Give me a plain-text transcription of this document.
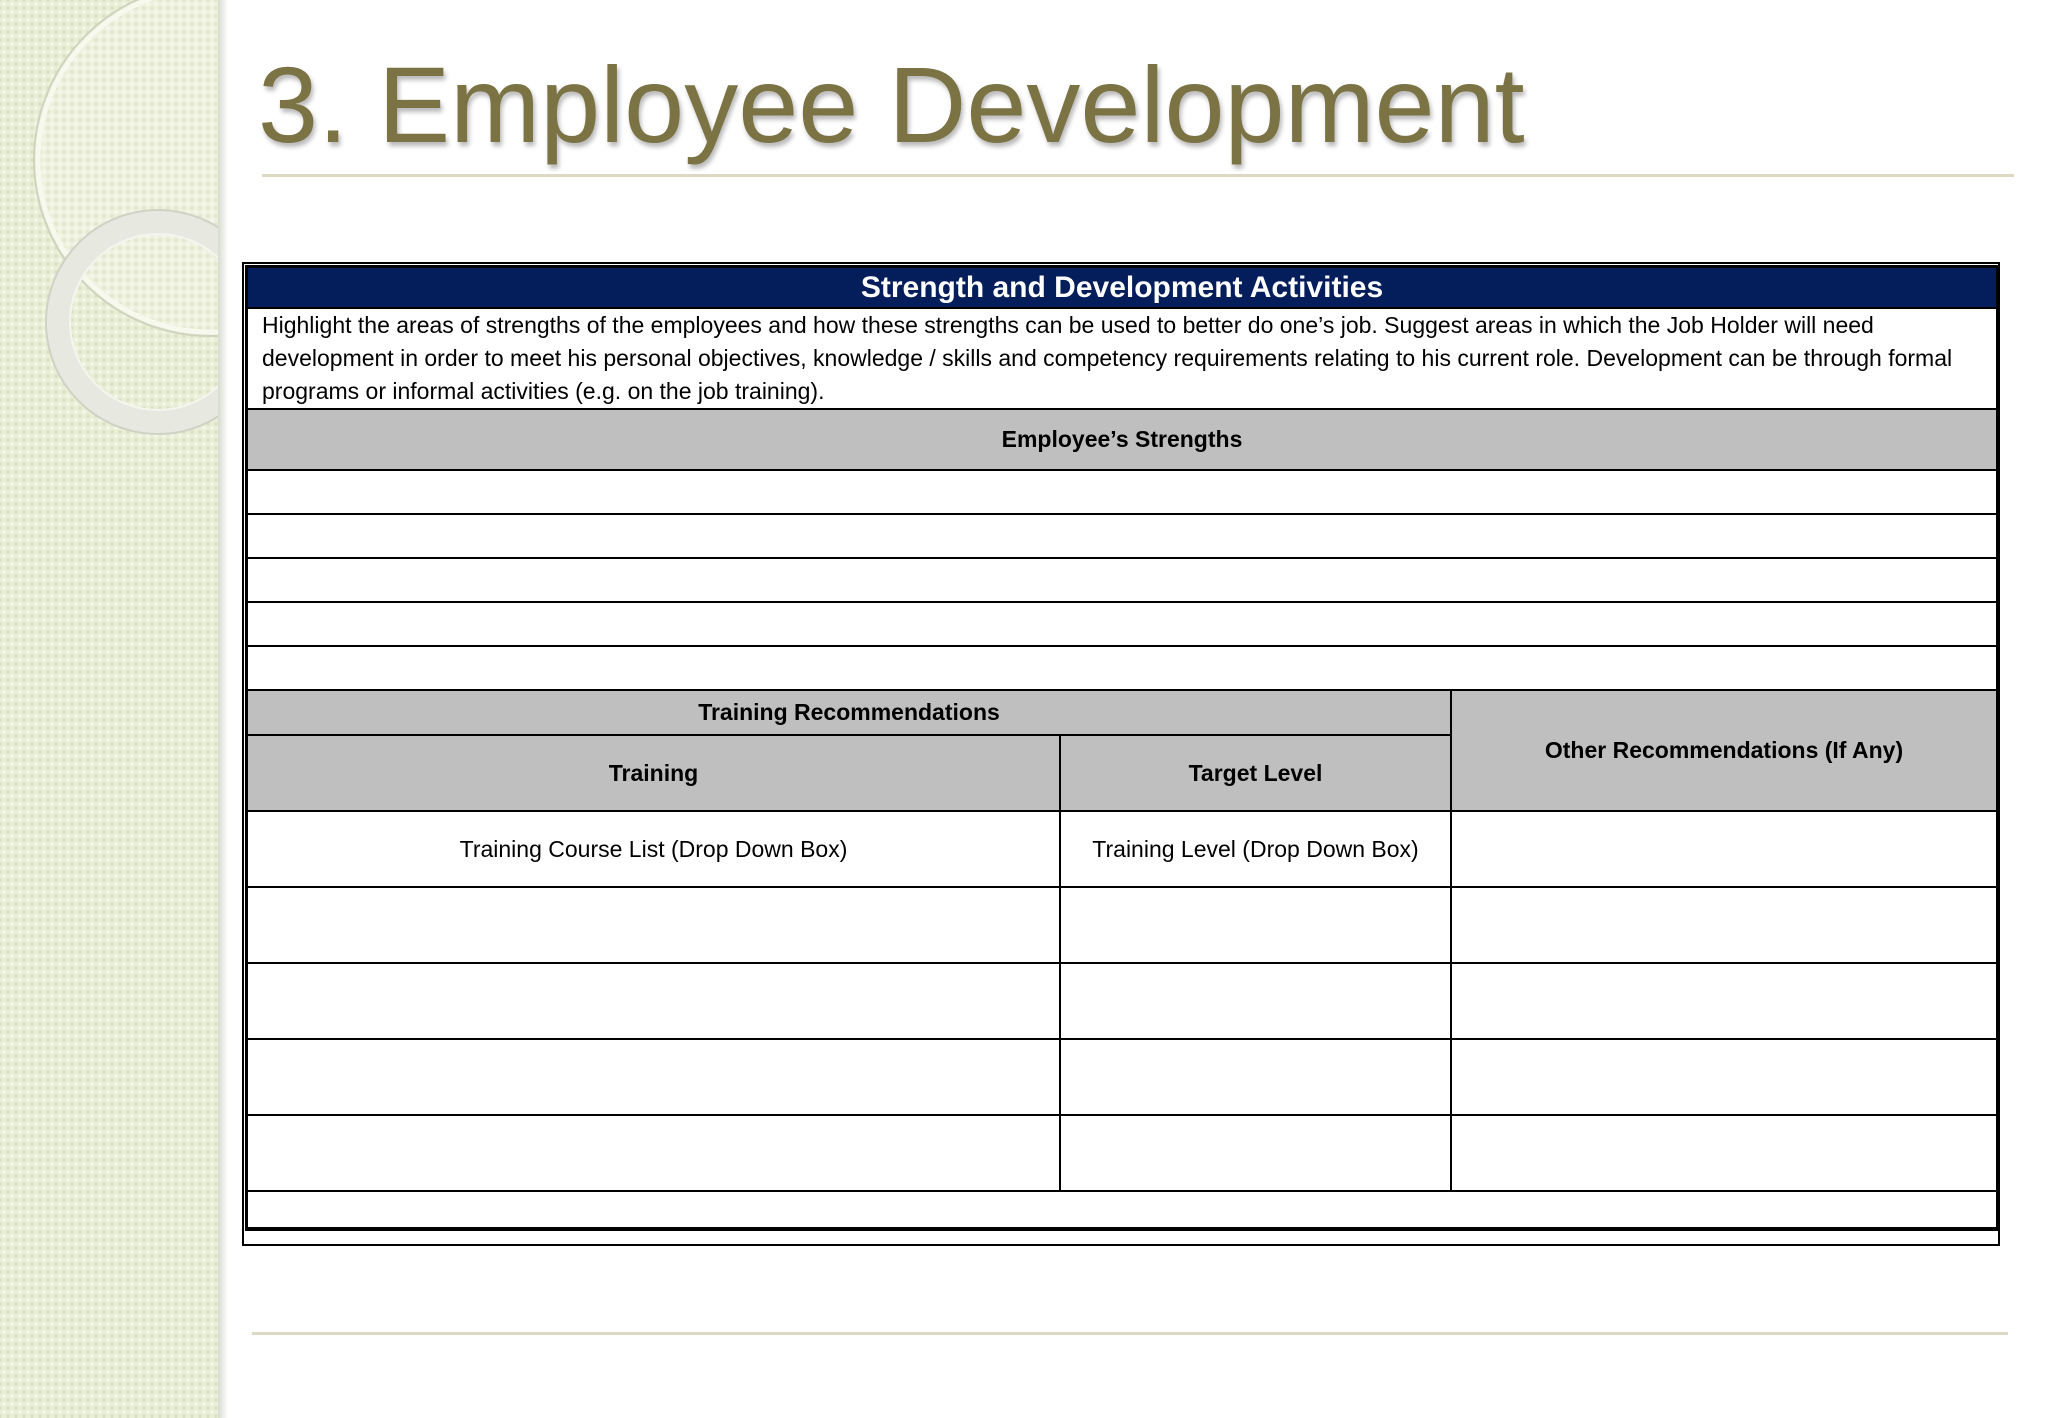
3. Employee Development
Strength and Development Activities
Highlight the areas of strengths of the employees and how these strengths can be used to better do one’s job. Suggest areas in which the Job Holder will need development in order to meet his personal objectives, knowledge / skills and competency requirements relating to his current role. Development can be through formal programs or informal activities (e.g. on the job training).
Employee’s Strengths
Training Recommendations
Other Recommendations (If Any)
Training	Target Level
Training Course List (Drop Down Box)	Training Level (Drop Down Box)
